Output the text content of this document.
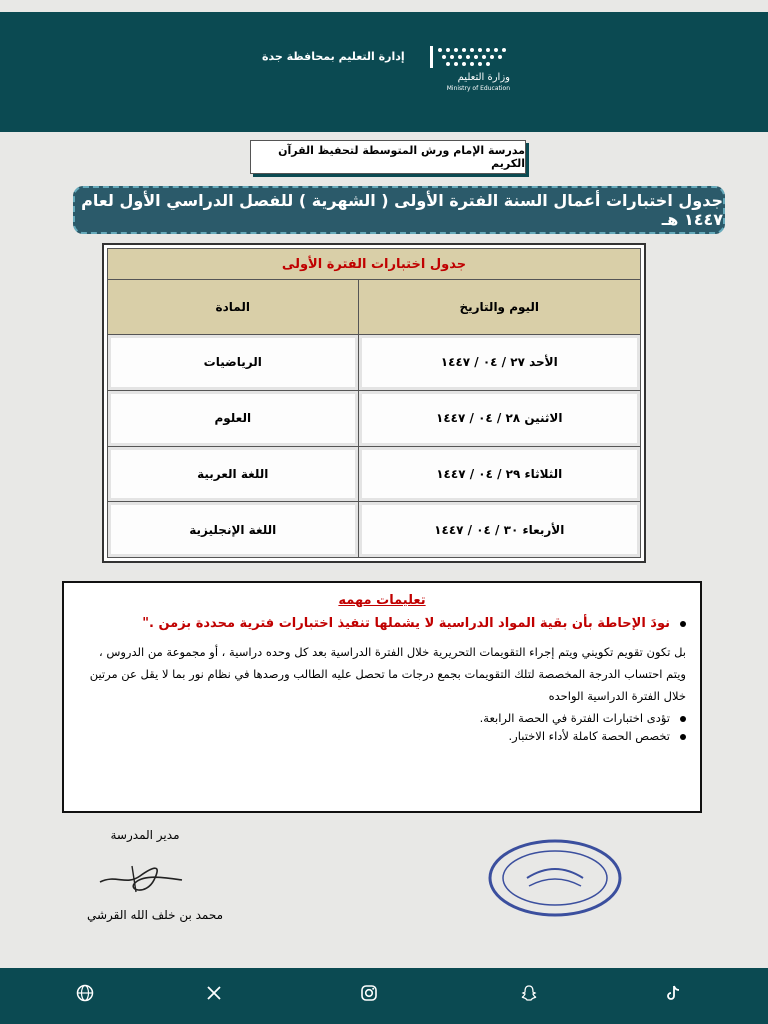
وزارة التعليم
Ministry of Education
إدارة التعليم بمحافظة جدة
مدرسة الإمام ورش المتوسطة لتحفيظ القرآن الكريم
جدول اختبارات أعمال السنة الفترة الأولى ( الشهرية ) للفصل الدراسي الأول لعام ١٤٤٧ هـ
جدول اختبارات الفترة الأولى	
اليوم والتاريخ	المادة
الأحد ٢٧ / ٠٤ / ١٤٤٧	الرياضيات
الاثنين ٢٨ / ٠٤ / ١٤٤٧	العلوم
الثلاثاء ٢٩ / ٠٤ / ١٤٤٧	اللغة العربية
الأربعاء ٣٠ / ٠٤ / ١٤٤٧	اللغة الإنجليزية
تعليمات مهمه

نودَ الإحاطة بأن بقية المواد الدراسية لا يشملها تنفيذ اختبارات فترية محددة بزمن ."

بل تكون تقويم تكويني ويتم إجراء التقويمات التحريرية خلال الفترة الدراسية بعد كل وحده دراسية ، أو مجموعة من الدروس ، ويتم احتساب الدرجة المخصصة لتلك التقويمات بجمع درجات ما تحصل عليه الطالب ورصدها في نظام نور بما لا يقل عن مرتين خلال الفترة الدراسية الواحده

تؤدى اختبارات الفترة في الحصة الرابعة.

تخصص الحصة كاملة لأداء الاختبار.

مدير المدرسة
محمد بن خلف الله القرشي
